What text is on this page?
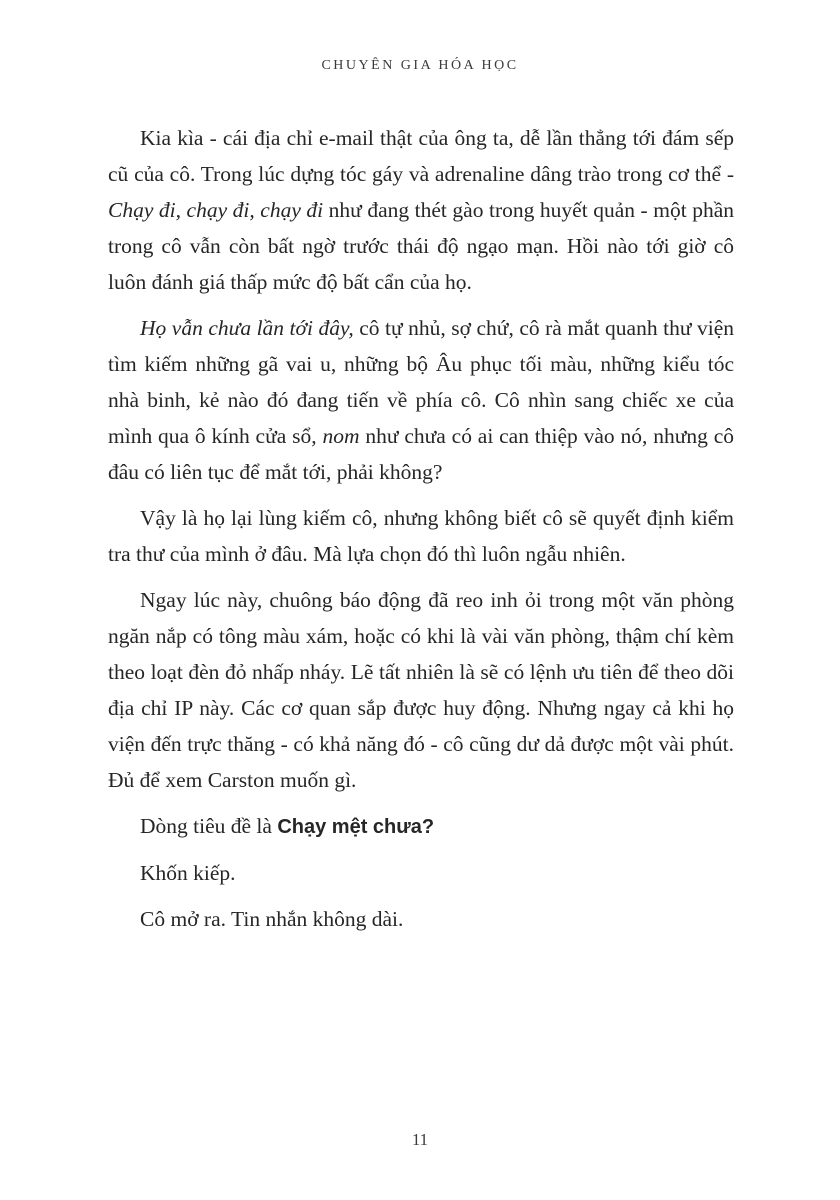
CHUYÊN GIA HÓA HỌC

Kia kìa - cái địa chỉ e-mail thật của ông ta, dễ lần thẳng tới đám sếp cũ của cô. Trong lúc dựng tóc gáy và adrenaline dâng trào trong cơ thể - Chạy đi, chạy đi, chạy đi như đang thét gào trong huyết quản - một phần trong cô vẫn còn bất ngờ trước thái độ ngạo mạn. Hồi nào tới giờ cô luôn đánh giá thấp mức độ bất cẩn của họ.

Họ vẫn chưa lần tới đây, cô tự nhủ, sợ chứ, cô rà mắt quanh thư viện tìm kiếm những gã vai u, những bộ Âu phục tối màu, những kiểu tóc nhà binh, kẻ nào đó đang tiến về phía cô. Cô nhìn sang chiếc xe của mình qua ô kính cửa sổ, nom như chưa có ai can thiệp vào nó, nhưng cô đâu có liên tục để mắt tới, phải không?

Vậy là họ lại lùng kiếm cô, nhưng không biết cô sẽ quyết định kiểm tra thư của mình ở đâu. Mà lựa chọn đó thì luôn ngẫu nhiên.

Ngay lúc này, chuông báo động đã reo inh ỏi trong một văn phòng ngăn nắp có tông màu xám, hoặc có khi là vài văn phòng, thậm chí kèm theo loạt đèn đỏ nhấp nháy. Lẽ tất nhiên là sẽ có lệnh ưu tiên để theo dõi địa chỉ IP này. Các cơ quan sắp được huy động. Nhưng ngay cả khi họ viện đến trực thăng - có khả năng đó - cô cũng dư dả được một vài phút. Đủ để xem Carston muốn gì.

Dòng tiêu đề là Chạy mệt chưa?

Khốn kiếp.

Cô mở ra. Tin nhắn không dài.

11
